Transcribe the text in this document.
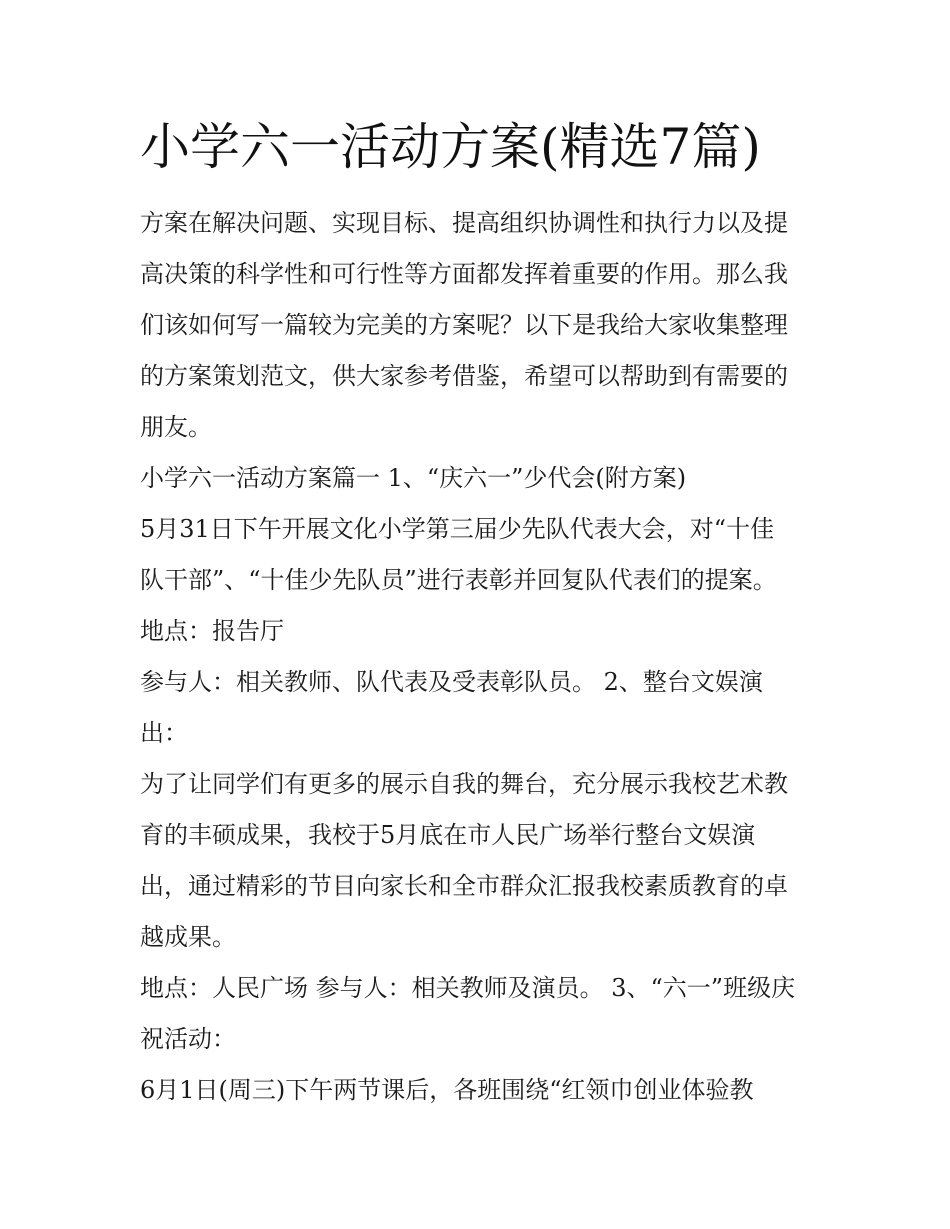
小学六一活动方案(精选7篇)
方案在解决问题、实现目标、提高组织协调性和执行力以及提
高决策的科学性和可行性等方面都发挥着重要的作用。那么我
们该如何写一篇较为完美的方案呢？以下是我给大家收集整理
的方案策划范文，供大家参考借鉴，希望可以帮助到有需要的
朋友。
小学六一活动方案篇一 1、“庆六一”少代会(附方案)
5月31日下午开展文化小学第三届少先队代表大会，对“十佳
队干部”、“十佳少先队员”进行表彰并回复队代表们的提案。
地点：报告厅
参与人：相关教师、队代表及受表彰队员。 2、整台文娱演
出：
为了让同学们有更多的展示自我的舞台，充分展示我校艺术教
育的丰硕成果，我校于5月底在市人民广场举行整台文娱演
出，通过精彩的节目向家长和全市群众汇报我校素质教育的卓
越成果。
地点：人民广场 参与人：相关教师及演员。 3、“六一”班级庆
祝活动：
6月1日(周三)下午两节课后，各班围绕“红领巾创业体验教
